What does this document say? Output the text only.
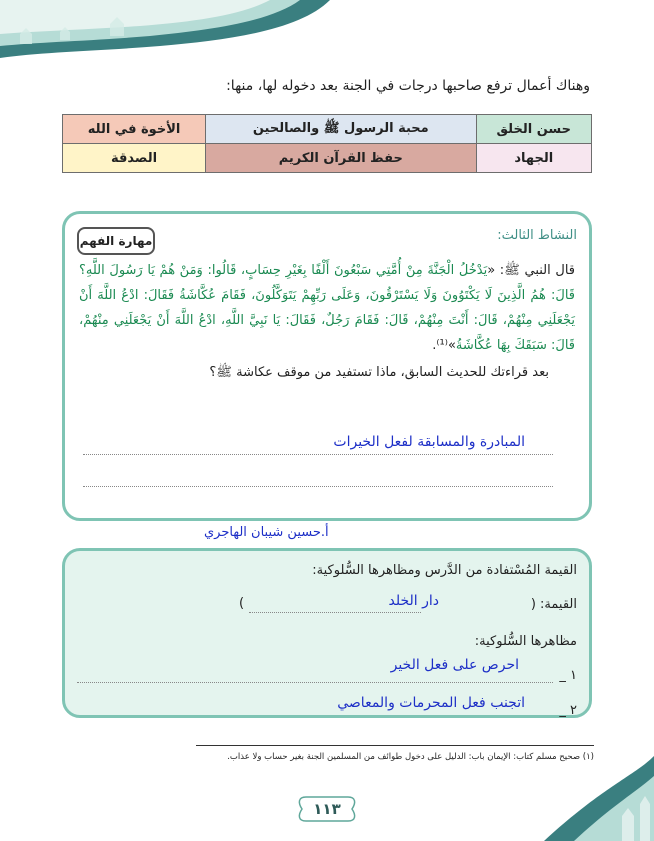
وهناك أعمال ترفع صاحبها درجات في الجنة بعد دخوله لها، منها:
حسن الخلق	محبة الرسول ﷺ والصالحين	الأخوة في الله
الجهاد	حفظ القرآن الكريم	الصدقة
النشاط الثالث:
مهارة الفهم
قال النبي ﷺ: «يَدْخُلُ الْجَنَّةَ مِنْ أُمَّتِي سَبْعُونَ أَلْفًا بِغَيْرِ حِسَابٍ، قَالُوا: وَمَنْ هُمْ يَا رَسُولَ اللَّهِ؟ قَالَ: هُمُ الَّذِينَ لَا يَكْتَوُونَ وَلَا يَسْتَرْقُونَ، وَعَلَى رَبِّهِمْ يَتَوَكَّلُونَ، فَقَامَ عُكَّاشَةُ فَقَالَ: ادْعُ اللَّهَ أَنْ يَجْعَلَنِي مِنْهُمْ، قَالَ: أَنْتَ مِنْهُمْ، قَالَ: فَقَامَ رَجُلٌ، فَقَالَ: يَا نَبِيَّ اللَّهِ، ادْعُ اللَّهَ أَنْ يَجْعَلَنِي مِنْهُمْ، قَالَ: سَبَقَكَ بِهَا عُكَّاشَةُ»⁽¹⁾.
بعد قراءتك للحديث السابق، ماذا تستفيد من موقف عكاشة ﷺ؟
المبادرة والمسابقة لفعل الخيرات
أ.حسين شيبان الهاجري
القيمة المُسْتفادة من الدَّرس ومظاهرها السُّلوكية:
القيمة: (
)	دار الخلد
مظاهرها السُّلوكية:
١ _
احرص على فعل الخير
٢ _
اتجنب فعل المحرمات والمعاصي
(١) صحيح مسلم كتاب: الإيمان باب: الدليل على دخول طوائف من المسلمين الجنة بغير حساب ولا عذاب.
١١٣
